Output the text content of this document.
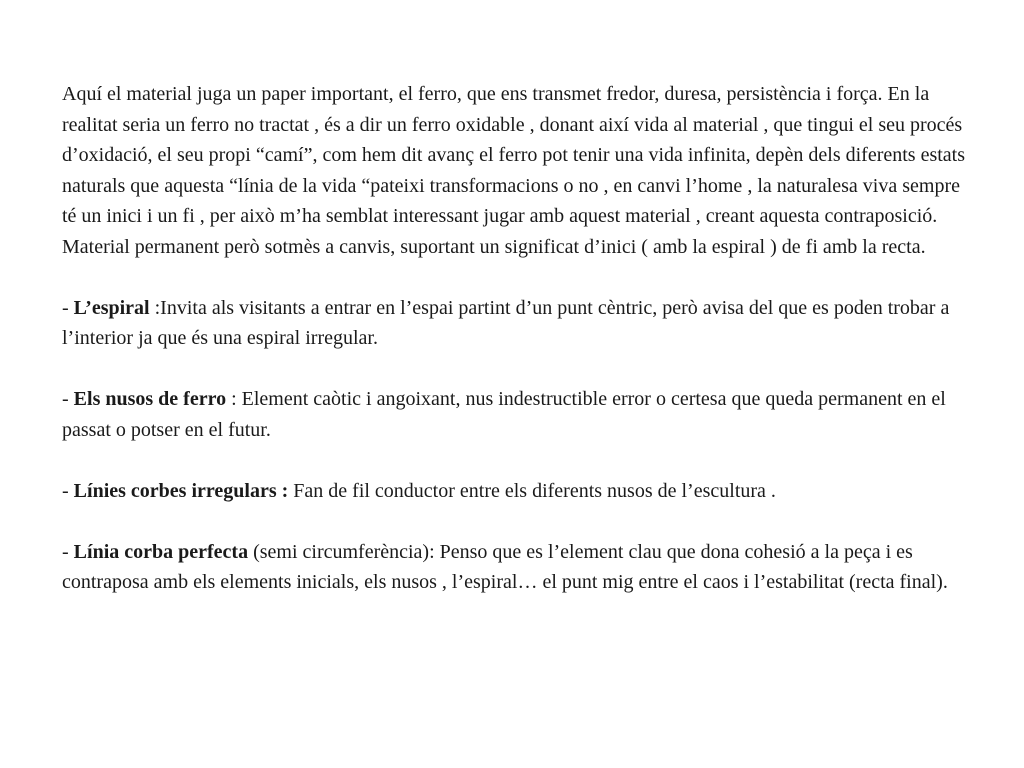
Aquí el material juga un paper important, el ferro, que ens transmet fredor, duresa, persistència i força. En la realitat seria un ferro no tractat , és a dir un ferro oxidable , donant així vida al material , que tingui el seu procés d’oxidació, el seu propi “camí”, com hem dit avanç el ferro pot tenir una vida infinita, depèn dels diferents estats naturals que aquesta “línia de la vida “pateixi transformacions o no , en canvi l’home , la naturalesa viva sempre té un inici i un fi , per això m’ha semblat interessant jugar amb aquest material , creant aquesta contraposició.

Material permanent però sotmès a canvis, suportant un significat d’inici ( amb la espiral ) de fi amb la recta.

- L’espiral :Invita als visitants a entrar en l’espai partint d’un punt cèntric, però avisa del que es poden trobar a l’interior ja que és una espiral irregular.

- Els nusos de ferro : Element caòtic i angoixant, nus indestructible error o certesa que queda permanent en el passat o potser en el futur.

- Línies corbes irregulars : Fan de fil conductor entre els diferents nusos de l’escultura .

- Línia corba perfecta (semi circumferència): Penso que es l’element clau que dona cohesió a la peça i es contraposa amb els elements inicials, els nusos , l’espiral… el punt mig entre el caos i l’estabilitat (recta final).
